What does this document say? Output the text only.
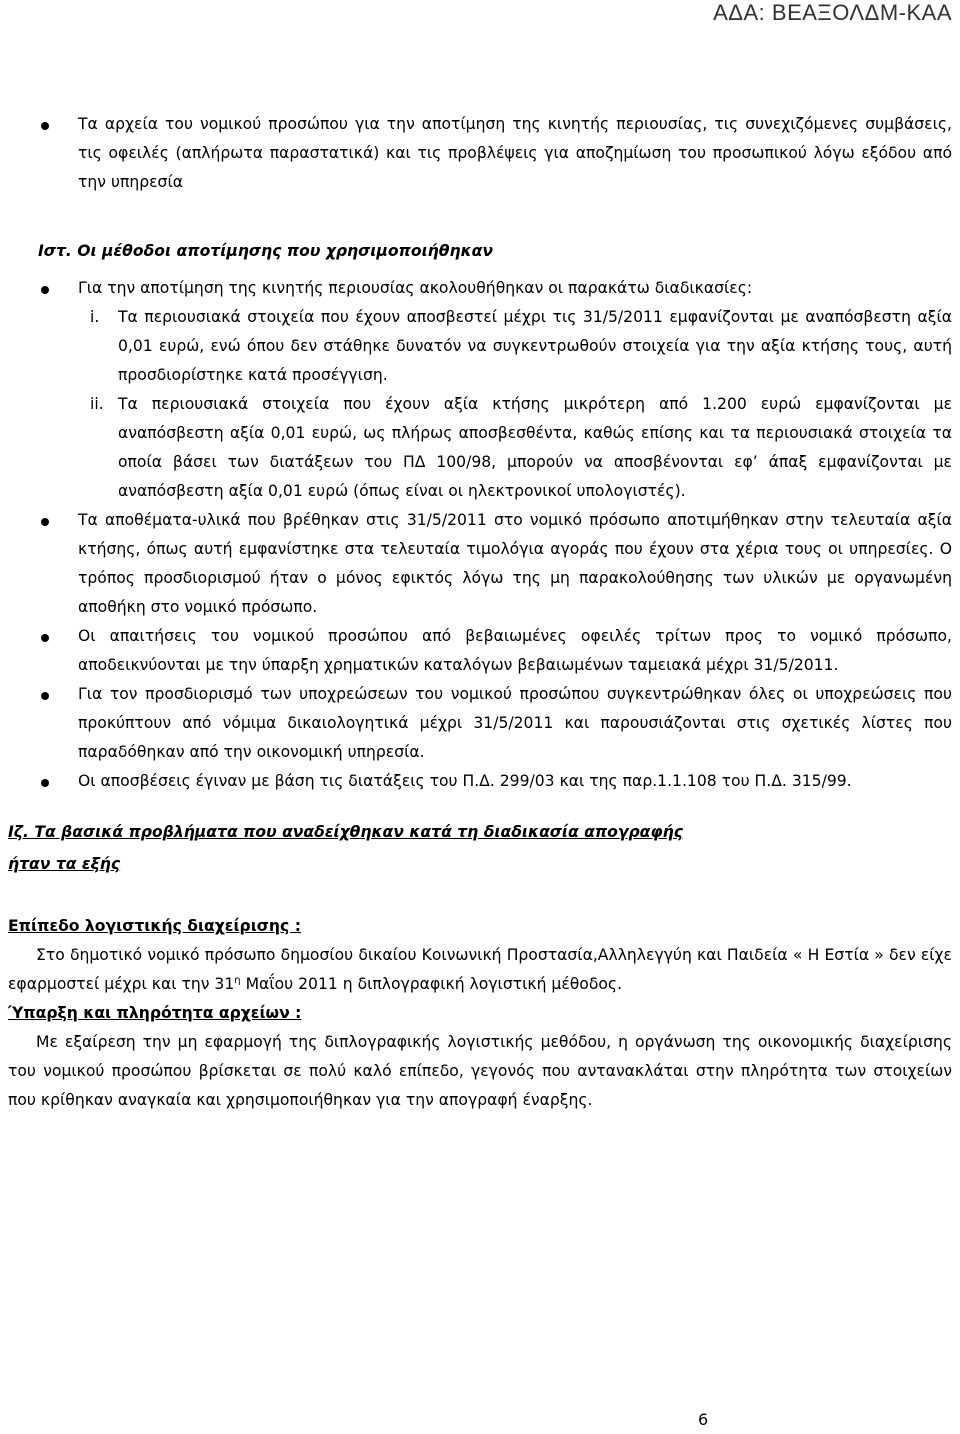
ΑΔΑ: ΒΕΑΞΟΛΔΜ-ΚΑΑ
Τα αρχεία του νομικού προσώπου για την αποτίμηση της κινητής περιουσίας, τις συνεχιζόμενες συμβάσεις, τις οφειλές (απλήρωτα παραστατικά) και τις προβλέψεις για αποζημίωση του προσωπικού λόγω εξόδου από την υπηρεσία
Ιστ. Οι μέθοδοι αποτίμησης που χρησιμοποιήθηκαν
Για την αποτίμηση της κινητής περιουσίας ακολουθήθηκαν οι παρακάτω διαδικασίες:
i. Τα περιουσιακά στοιχεία που έχουν αποσβεστεί μέχρι τις 31/5/2011 εμφανίζονται με αναπόσβεστη αξία 0,01 ευρώ, ενώ όπου δεν στάθηκε δυνατόν να συγκεντρωθούν στοιχεία για την αξία κτήσης τους, αυτή προσδιορίστηκε κατά προσέγγιση.
ii. Τα περιουσιακά στοιχεία που έχουν αξία κτήσης μικρότερη από 1.200 ευρώ εμφανίζονται με αναπόσβεστη αξία 0,01 ευρώ, ως πλήρως αποσβεσθέντα, καθώς επίσης και τα περιουσιακά στοιχεία τα οποία βάσει των διατάξεων του ΠΔ 100/98, μπορούν να αποσβένονται εφ’ άπαξ εμφανίζονται με αναπόσβεστη αξία 0,01 ευρώ (όπως είναι οι ηλεκτρονικοί υπολογιστές).
Τα αποθέματα-υλικά που βρέθηκαν στις 31/5/2011 στο νομικό πρόσωπο αποτιμήθηκαν στην τελευταία αξία κτήσης, όπως αυτή εμφανίστηκε στα τελευταία τιμολόγια αγοράς που έχουν στα χέρια τους οι υπηρεσίες. Ο τρόπος προσδιορισμού ήταν ο μόνος εφικτός λόγω της μη παρακολούθησης των υλικών με οργανωμένη αποθήκη στο νομικό πρόσωπο.
Οι απαιτήσεις του νομικού προσώπου από βεβαιωμένες οφειλές τρίτων προς το νομικό πρόσωπο, αποδεικνύονται με την ύπαρξη χρηματικών καταλόγων βεβαιωμένων ταμειακά μέχρι 31/5/2011.
Για τον προσδιορισμό των υποχρεώσεων του νομικού προσώπου συγκεντρώθηκαν όλες οι υποχρεώσεις που προκύπτουν από νόμιμα δικαιολογητικά μέχρι 31/5/2011 και παρουσιάζονται στις σχετικές λίστες που παραδόθηκαν από την οικονομική υπηρεσία.
Οι αποσβέσεις έγιναν με βάση τις διατάξεις του Π.Δ. 299/03 και της παρ.1.1.108 του Π.Δ. 315/99.
Ιζ. Τα βασικά προβλήματα που αναδείχθηκαν κατά τη διαδικασία απογραφής
ήταν τα εξής
Επίπεδο λογιστικής διαχείρισης :
Στο δημοτικό νομικό πρόσωπο δημοσίου δικαίου Κοινωνική Προστασία,Αλληλεγγύη και Παιδεία « Η Εστία » δεν είχε εφαρμοστεί μέχρι και την $31^\eta$ Μαΐου 2011 η διπλογραφική λογιστική μέθοδος.
Ύπαρξη και πληρότητα αρχείων :
Με εξαίρεση την μη εφαρμογή της διπλογραφικής λογιστικής μεθόδου, η οργάνωση της οικονομικής διαχείρισης του νομικού προσώπου βρίσκεται σε πολύ καλό επίπεδο, γεγονός που αντανακλάται στην πληρότητα των στοιχείων που κρίθηκαν αναγκαία και χρησιμοποιήθηκαν για την απογραφή έναρξης.
6
